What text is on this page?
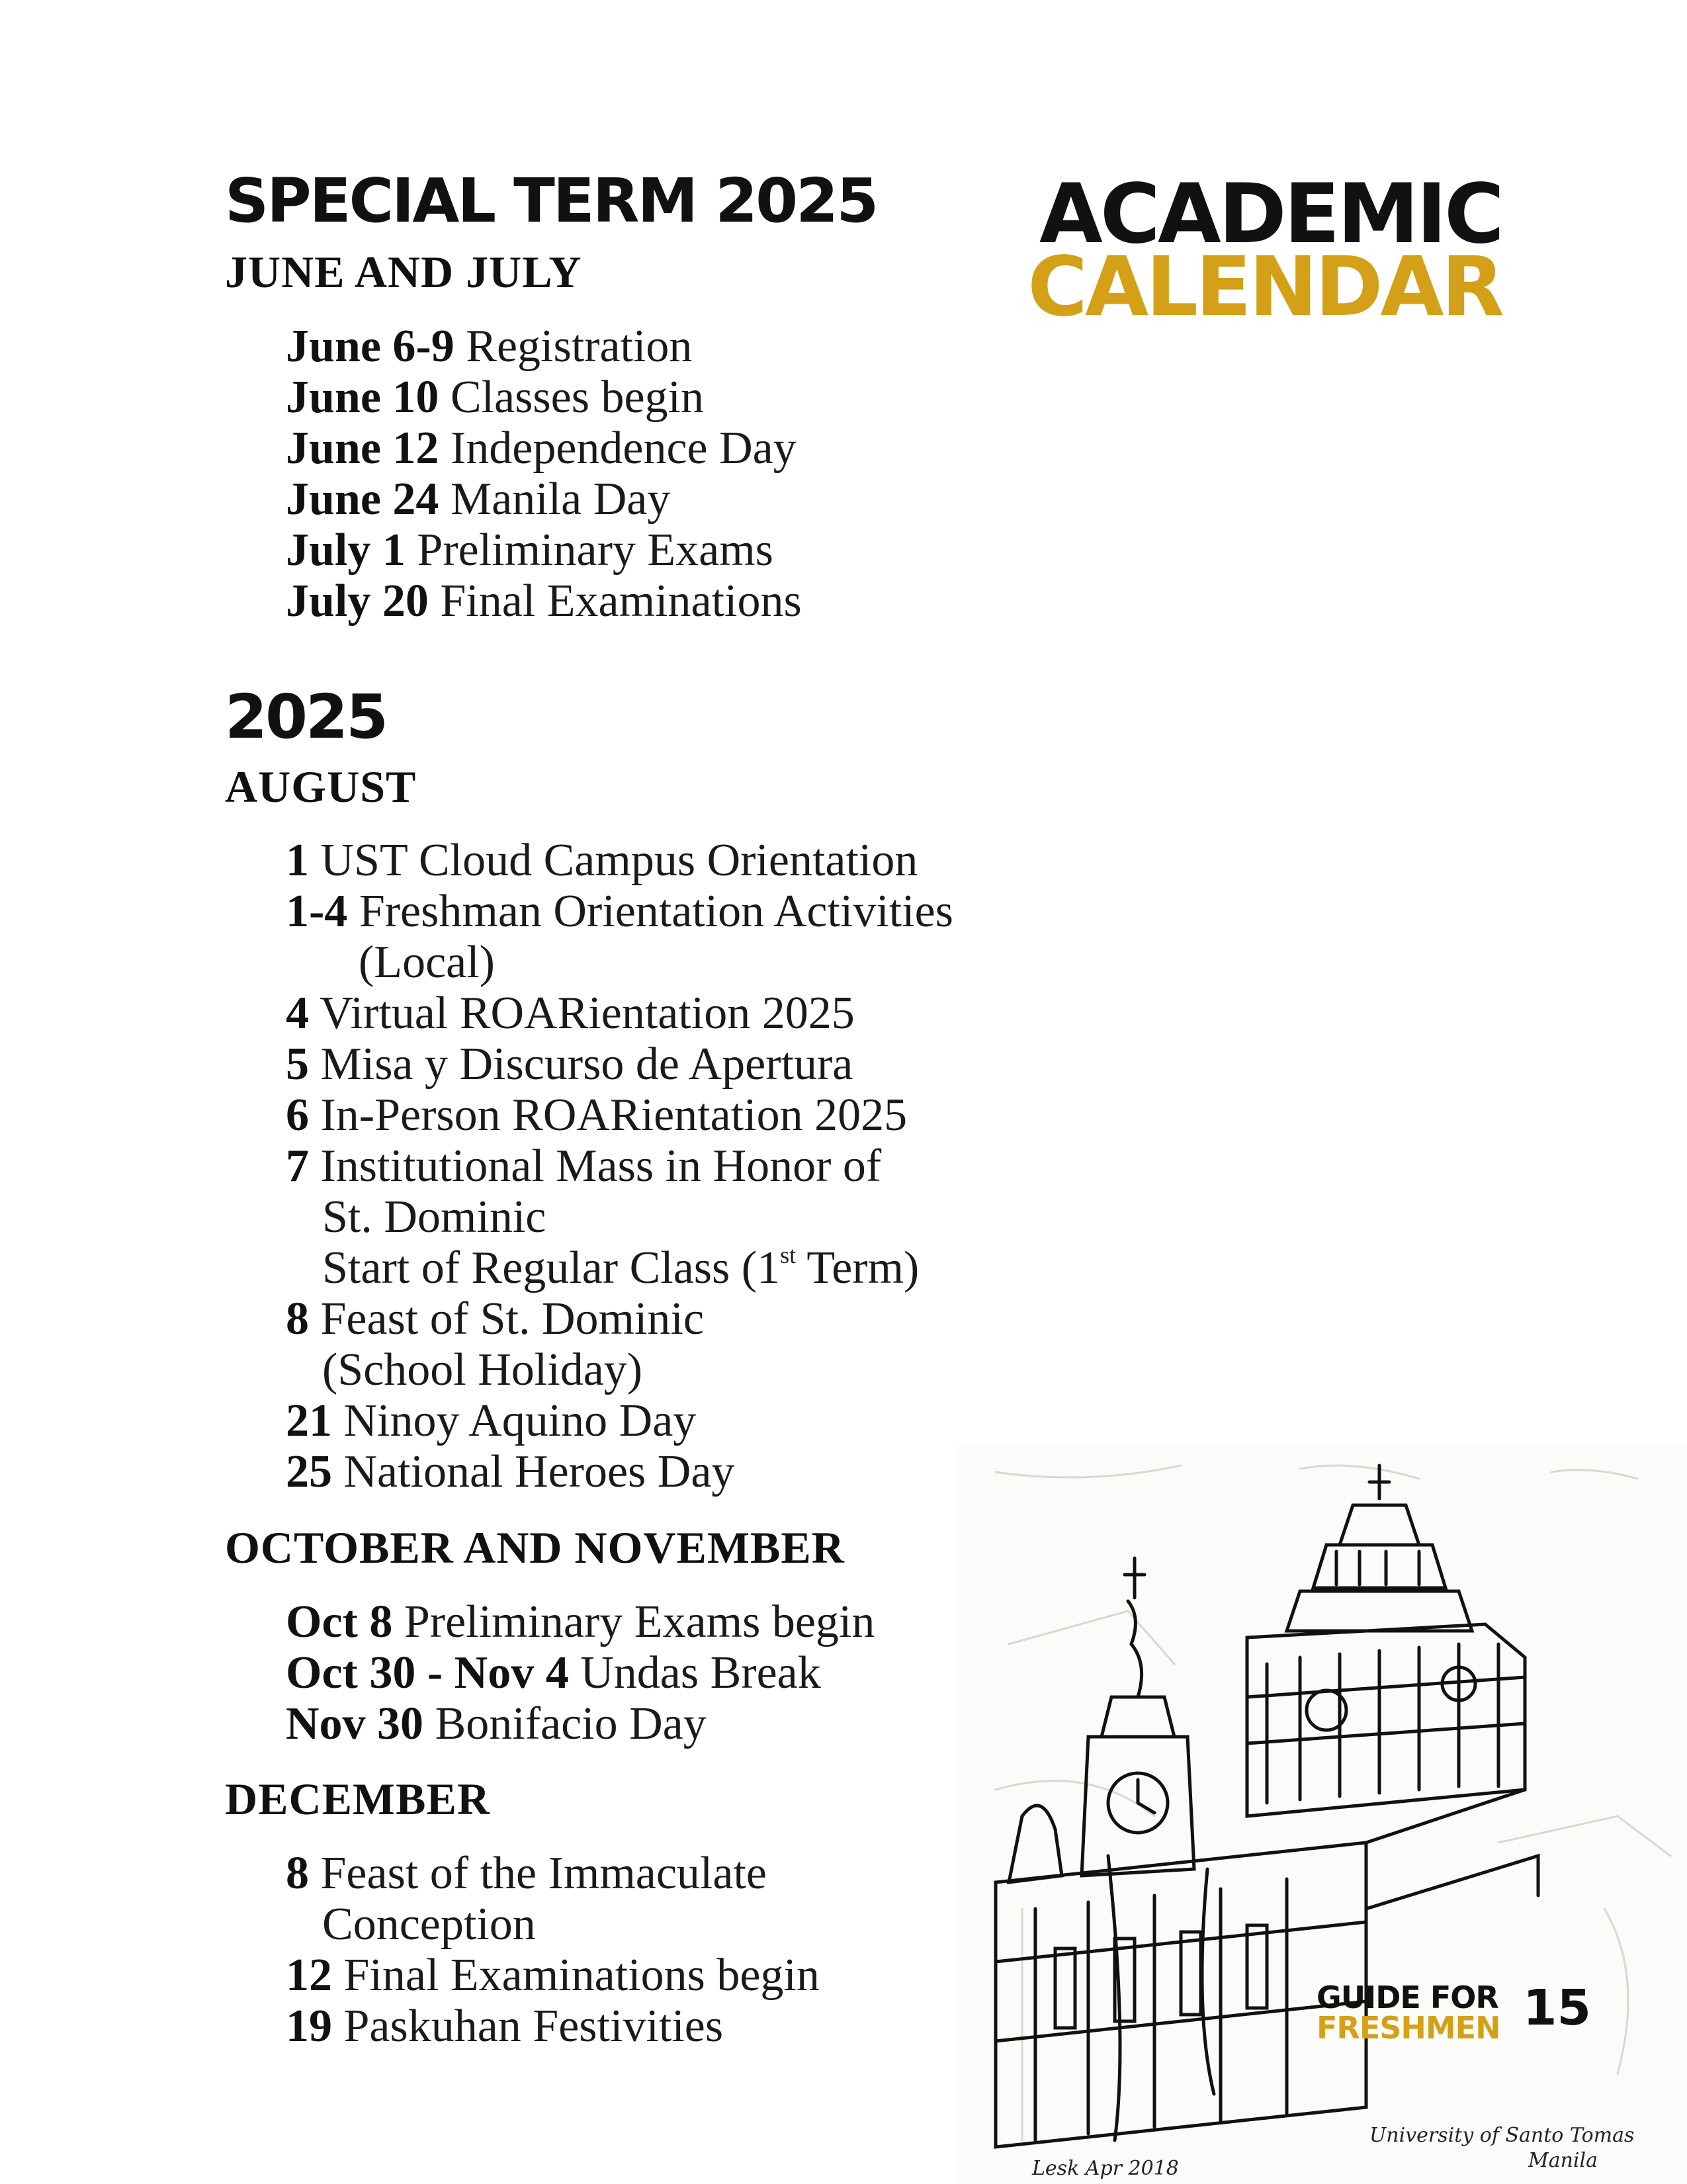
ACADEMIC
CALENDAR
SPECIAL TERM 2025
JUNE AND JULY
June 6-9 Registration
June 10 Classes begin
June 12 Independence Day
June 24 Manila Day
July 1 Preliminary Exams
July 20 Final Examinations
2025
AUGUST
1 UST Cloud Campus Orientation
1-4 Freshman Orientation Activities
(Local)
4 Virtual ROARientation 2025
5 Misa y Discurso de Apertura
6 In-Person ROARientation 2025
7 Institutional Mass in Honor of
St. Dominic
Start of Regular Class (1st Term)
8 Feast of St. Dominic
(School Holiday)
21 Ninoy Aquino Day
25 National Heroes Day
OCTOBER AND NOVEMBER
Oct 8 Preliminary Exams begin
Oct 30 - Nov 4 Undas Break
Nov 30 Bonifacio Day
DECEMBER
8 Feast of the Immaculate
Conception
12 Final Examinations begin
19 Paskuhan Festivities
Lesk Apr 2018
University of Santo Tomas
Manila
GUIDE FOR
FRESHMEN 15
